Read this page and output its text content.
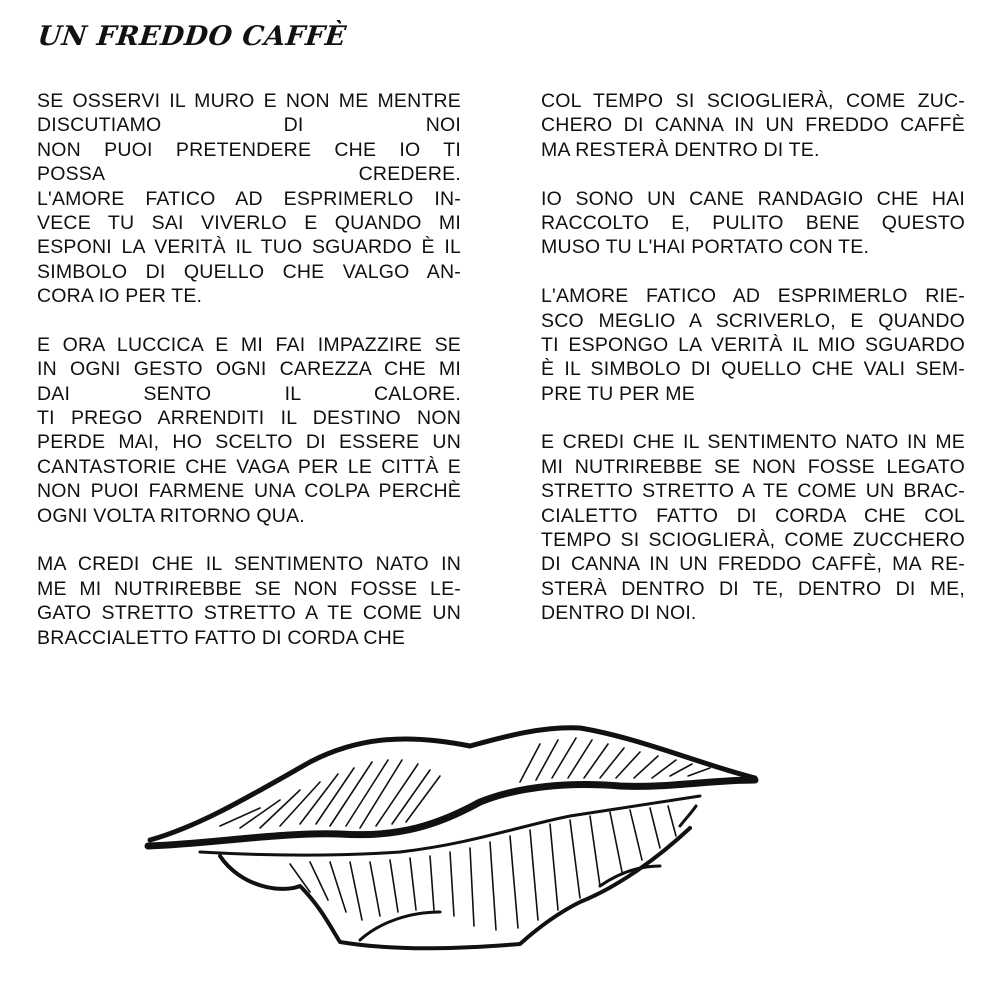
UN FREDDO CAFFÈ
SE OSSERVI IL MURO E NON ME MENTRE
DISCUTIAMO DI NOI
NON PUOI PRETENDERE CHE IO TI
POSSA CREDERE.
L'AMORE FATICO AD ESPRIMERLO IN-
VECE TU SAI VIVERLO E QUANDO MI
ESPONI LA VERITÀ IL TUO SGUARDO È IL
SIMBOLO DI QUELLO CHE VALGO AN-
CORA IO PER TE.
E ORA LUCCICA E MI FAI IMPAZZIRE SE
IN OGNI GESTO OGNI CAREZZA CHE MI
DAI SENTO IL CALORE.
TI PREGO ARRENDITI IL DESTINO NON
PERDE MAI, HO SCELTO DI ESSERE UN
CANTASTORIE CHE VAGA PER LE CITTÀ E
NON PUOI FARMENE UNA COLPA PERCHÈ
OGNI VOLTA RITORNO QUA.
MA CREDI CHE IL SENTIMENTO NATO IN
ME MI NUTRIREBBE SE NON FOSSE LE-
GATO STRETTO STRETTO A TE COME UN
BRACCIALETTO FATTO DI CORDA CHE
COL TEMPO SI SCIOGLIERÀ, COME ZUC-
CHERO DI CANNA IN UN FREDDO CAFFÈ
MA RESTERÀ DENTRO DI TE.
IO SONO UN CANE RANDAGIO CHE HAI
RACCOLTO E, PULITO BENE QUESTO
MUSO TU L'HAI PORTATO CON TE.
L'AMORE FATICO AD ESPRIMERLO RIE-
SCO MEGLIO A SCRIVERLO, E QUANDO
TI ESPONGO LA VERITÀ IL MIO SGUARDO
È IL SIMBOLO DI QUELLO CHE VALI SEM-
PRE TU PER ME
E CREDI CHE IL SENTIMENTO NATO IN ME
MI NUTRIREBBE SE NON FOSSE LEGATO
STRETTO STRETTO A TE COME UN BRAC-
CIALETTO FATTO DI CORDA CHE COL
TEMPO SI SCIOGLIERÀ, COME ZUCCHERO
DI CANNA IN UN FREDDO CAFFÈ, MA RE-
STERÀ DENTRO DI TE, DENTRO DI ME,
DENTRO DI NOI.
